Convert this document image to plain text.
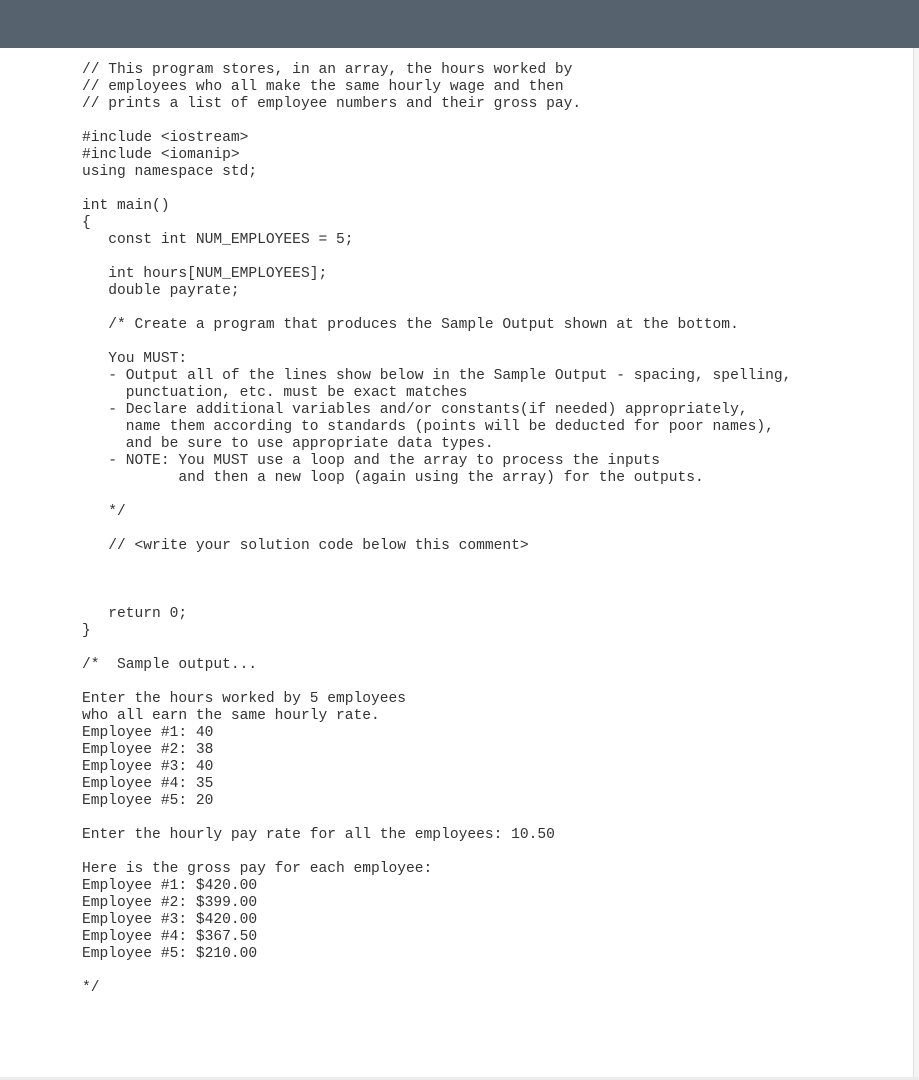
// This program stores, in an array, the hours worked by
// employees who all make the same hourly wage and then
// prints a list of employee numbers and their gross pay.
#include <iostream>
#include <iomanip>
using namespace std;
int main()
{
const int NUM_EMPLOYEES = 5;
int hours[NUM_EMPLOYEES];
double payrate;
/* Create a program that produces the Sample Output shown at the bottom.
You MUST:
- Output all of the lines show below in the Sample Output - spacing, spelling,
punctuation, etc. must be exact matches
- Declare additional variables and/or constants(if needed) appropriately,
name them according to standards (points will be deducted for poor names),
and be sure to use appropriate data types.
- NOTE: You MUST use a loop and the array to process the inputs
and then a new loop (again using the array) for the outputs.
*/
// <write your solution code below this comment>
return 0;
}
/*  Sample output...
Enter the hours worked by 5 employees
who all earn the same hourly rate.
Employee #1: 40
Employee #2: 38
Employee #3: 40
Employee #4: 35
Employee #5: 20
Enter the hourly pay rate for all the employees: 10.50
Here is the gross pay for each employee:
Employee #1: $420.00
Employee #2: $399.00
Employee #3: $420.00
Employee #4: $367.50
Employee #5: $210.00
*/
